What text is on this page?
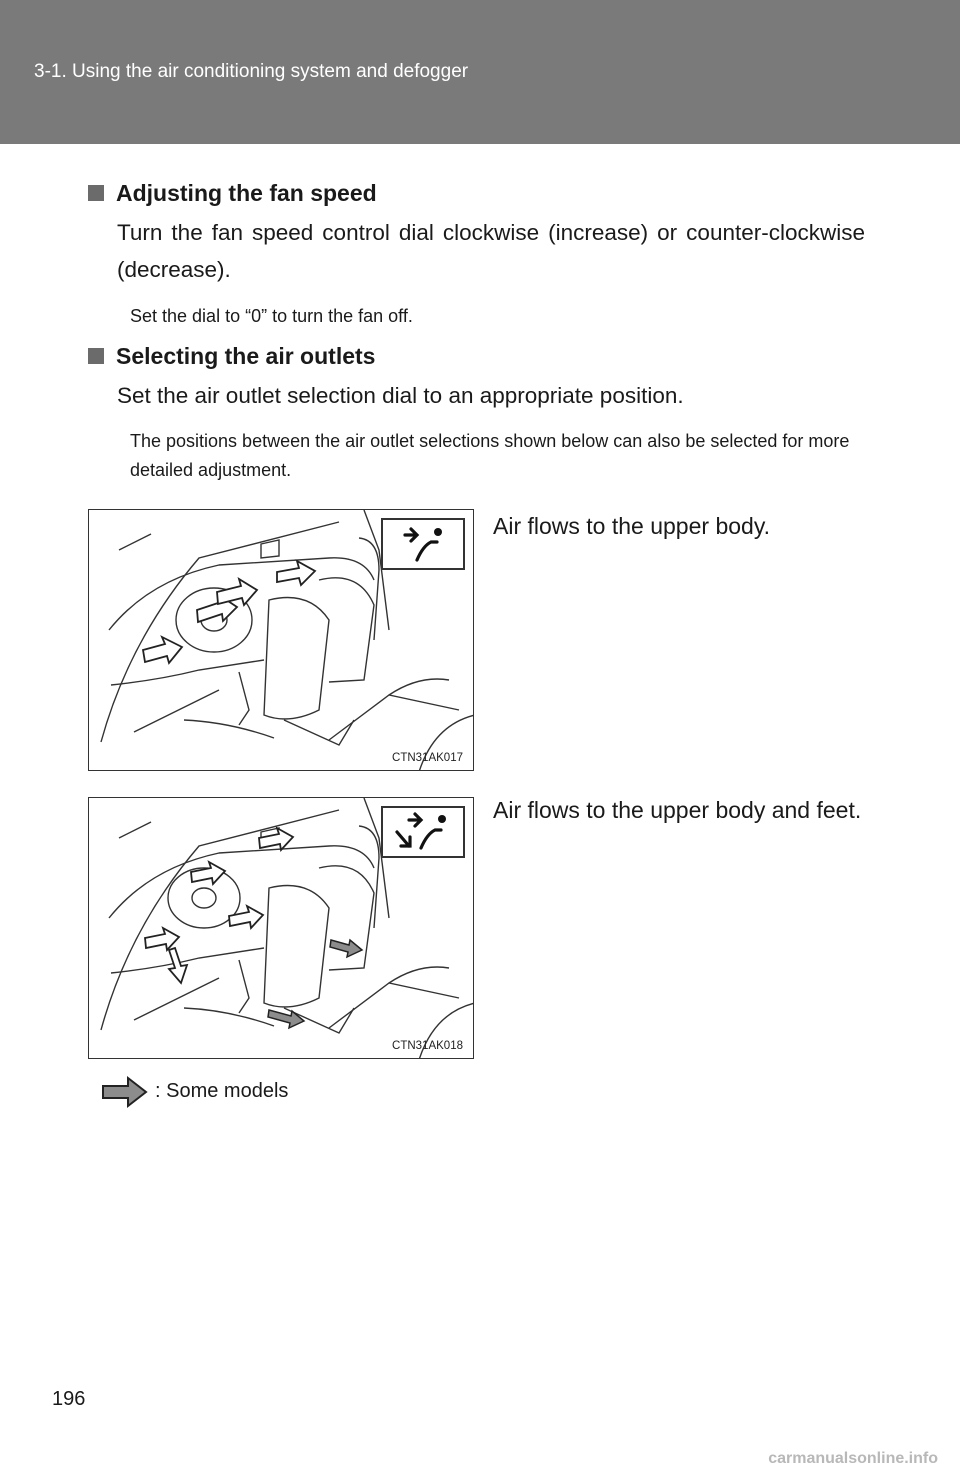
3-1. Using the air conditioning system and defogger
Adjusting the fan speed
Turn the fan speed control dial clockwise (increase) or counter-clockwise (decrease).
Set the dial to “0” to turn the fan off.
Selecting the air outlets
Set the air outlet selection dial to an appropriate position.
The positions between the air outlet selections shown below can also be selected for more detailed adjustment.
CTN31AK017
Air flows to the upper body.
CTN31AK018
Air flows to the upper body and feet.
: Some models
196
carmanualsonline.info
